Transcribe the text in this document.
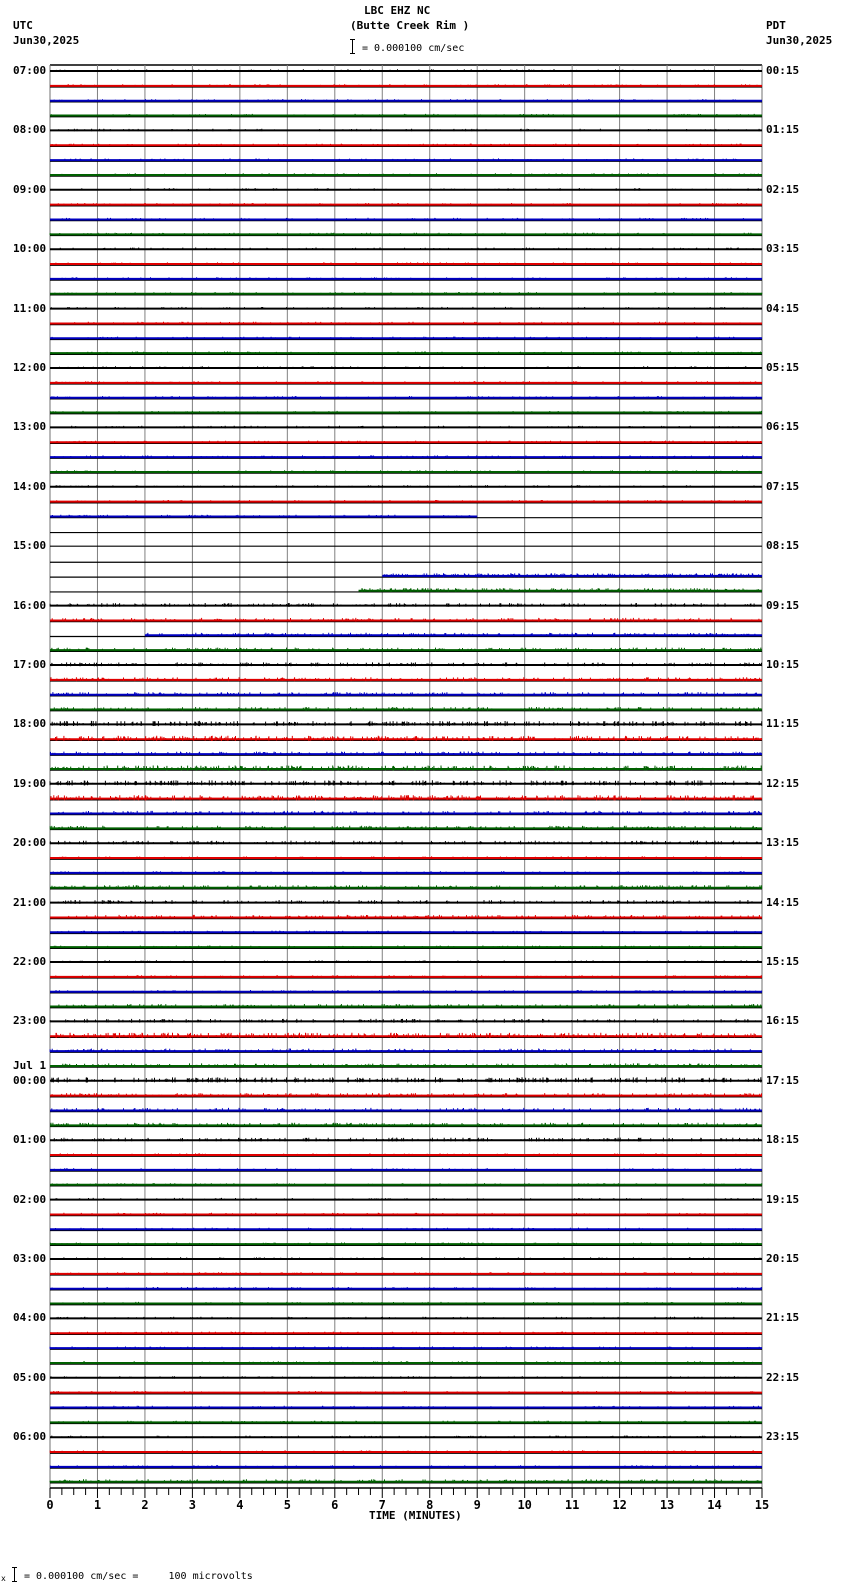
LBC EHZ NC
(Butte Creek Rim )
UTC
Jun30,2025
PDT
Jun30,2025
= 0.000100 cm/sec
0	1	2	3	4	5	6	7	8	9	10	11	12	13	14	15
07:00
08:00
09:00
10:00
11:00
12:00
13:00
14:00
15:00
16:00
17:00
18:00
19:00
20:00
21:00
22:00
23:00
Jul 1
00:00
01:00
02:00
03:00
04:00
05:00
06:00
00:15
01:15
02:15
03:15
04:15
05:15
06:15
07:15
08:15
09:15
10:15
11:15
12:15
13:15
14:15
15:15
16:15
17:15
18:15
19:15
20:15
21:15
22:15
23:15
TIME (MINUTES)
x = 0.000100 cm/sec =     100 microvolts
